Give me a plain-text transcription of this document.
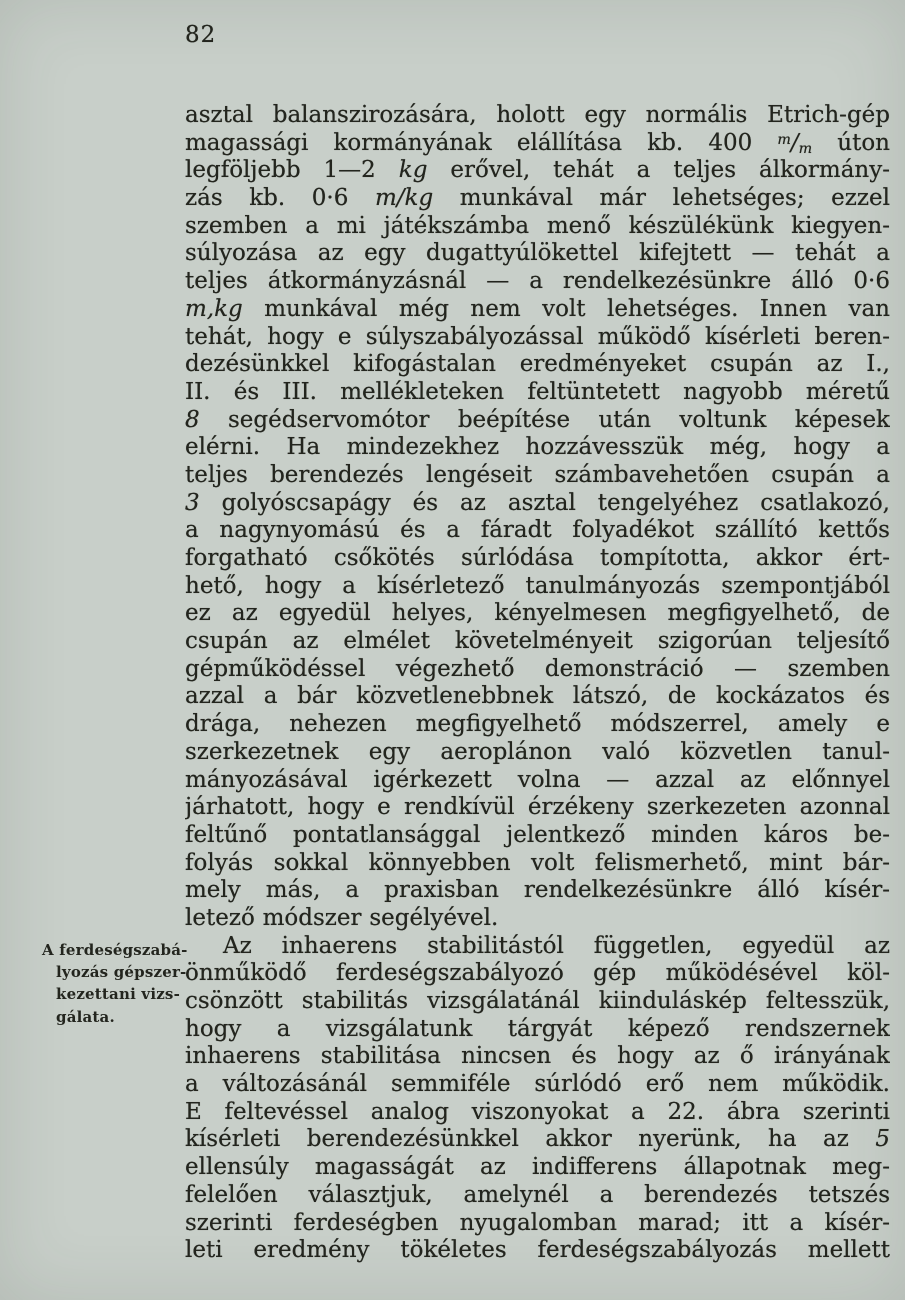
82
A ferdeségszabá-
lyozás gépszer-
kezettani vizs-
gálata.
asztal balanszirozására, holott egy normális Etrich-gép
magassági kormányának elállítása kb. 400 $^m/_m$ úton
legföljebb 1—2 kg erővel, tehát a teljes álkormány-
zás kb. 0·6 m/kg munkával már lehetséges; ezzel
szemben a mi játékszámba menő készülékünk kiegyen-
súlyozása az egy dugattyúlökettel kifejtett — tehát a
teljes átkormányzásnál — a rendelkezésünkre álló 0·6
m,kg munkával még nem volt lehetséges. Innen van
tehát, hogy e súlyszabályozással működő kísérleti beren-
dezésünkkel kifogástalan eredményeket csupán az I.,
II. és III. mellékleteken feltüntetett nagyobb méretű
8 segédservomótor beépítése után voltunk képesek
elérni. Ha mindezekhez hozzávesszük még, hogy a
teljes berendezés lengéseit számbavehetően csupán a
3 golyóscsapágy és az asztal tengelyéhez csatlakozó,
a nagynyomású és a fáradt folyadékot szállító kettős
forgatható csőkötés súrlódása tompította, akkor ért-
hető, hogy a kísérletező tanulmányozás szempontjából
ez az egyedül helyes, kényelmesen megfigyelhető, de
csupán az elmélet követelményeit szigorúan teljesítő
gépműködéssel végezhető demonstráció — szemben
azzal a bár közvetlenebbnek látszó, de kockázatos és
drága, nehezen megfigyelhető módszerrel, amely e
szerkezetnek egy aeroplánon való közvetlen tanul-
mányozásával igérkezett volna — azzal az előnnyel
járhatott, hogy e rendkívül érzékeny szerkezeten azonnal
feltűnő pontatlansággal jelentkező minden káros be-
folyás sokkal könnyebben volt felismerhető, mint bár-
mely más, a praxisban rendelkezésünkre álló kísér-
letező módszer segélyével.
Az inhaerens stabilitástól független, egyedül az
önműködő ferdeségszabályozó gép működésével köl-
csönzött stabilitás vizsgálatánál kiinduláskép feltesszük,
hogy a vizsgálatunk tárgyát képező rendszernek
inhaerens stabilitása nincsen és hogy az ő irányának
a változásánál semmiféle súrlódó erő nem működik.
E feltevéssel analog viszonyokat a 22. ábra szerinti
kísérleti berendezésünkkel akkor nyerünk, ha az 5
ellensúly magasságát az indifferens állapotnak meg-
felelően választjuk, amelynél a berendezés tetszés
szerinti ferdeségben nyugalomban marad; itt a kísér-
leti eredmény tökéletes ferdeségszabályozás mellett
